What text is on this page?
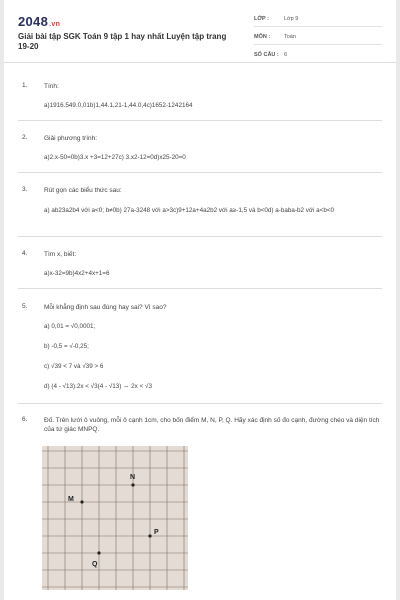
2048.vn
Giải bài tập SGK Toán 9 tập 1 hay nhất Luyện tập trang 19-20
LỚP :	Lớp 9
MÔN :	Toán
SỐ CÂU : 6
1.	Tính:
a)1916.549.0,01b)1,44.1,21-1,44.0,4c)1652-1242164
2.	Giải phương trình:
a)2.x-50=0b)3.x +3=12+27c) 3.x2-12=0d)x25-20=0
3.	Rút gọn các biểu thức sau:
a) ab23a2b4 với a<0; b≠0b) 27a-3248 với a>3c)9+12a+4a2b2 với a≥-1,5 và b<0d) a-baba-b2 với a<b<0
4.	Tìm x, biết:
a)x-32=9b)4x2+4x+1=6
5.	Mỗi khẳng định sau đúng hay sai? Vì sao?
a) 0,01 = √0,0001;
b) -0,5 = √-0,25;
c) √39 < 7 và √39 > 6
d) (4 - √13).2x < √3(4 - √13) ⇔ 2x < √3
6.	Đố. Trên lưới ô vuông, mỗi ô cạnh 1cm, cho bốn điểm M, N, P, Q. Hãy xác định số đo cạnh, đường chéo và diện tích của tứ giác MNPQ.
N
M
P
Q
